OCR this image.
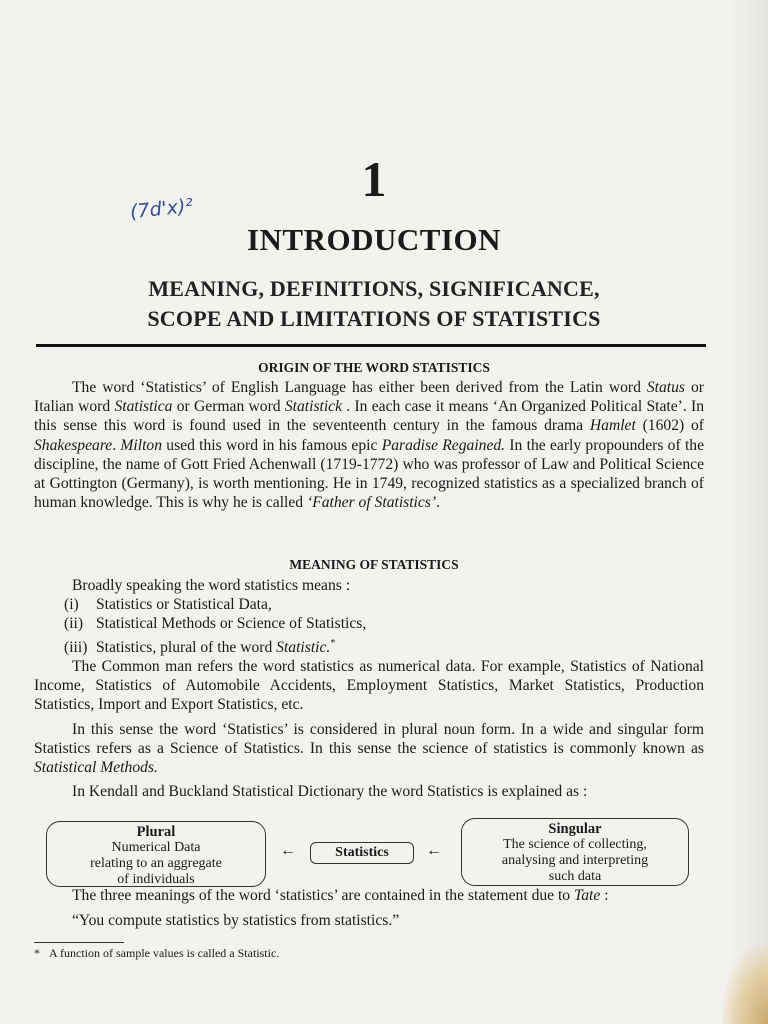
1
(7d'x)²
INTRODUCTION
MEANING, DEFINITIONS, SIGNIFICANCE,
SCOPE AND LIMITATIONS OF STATISTICS
ORIGIN OF THE WORD STATISTICS

The word ‘Statistics’ of English Language has either been derived from the Latin word Status or Italian word Statistica or German word Statistick . In each case it means ‘An Organized Political State’. In this sense this word is found used in the seventeenth century in the famous drama Hamlet (1602) of Shakespeare. Milton used this word in his famous epic Paradise Regained. In the early propounders of the discipline, the name of Gott Fried Achenwall (1719-1772) who was professor of Law and Political Science at Gottington (Germany), is worth mentioning. He in 1749, recognized statistics as a specialized branch of human knowledge. This is why he is called ‘Father of Statistics’.

MEANING OF STATISTICS

Broadly speaking the word statistics means :

(i) Statistics or Statistical Data,

(ii) Statistical Methods or Science of Statistics,

(iii) Statistics, plural of the word Statistic.*

The Common man refers the word statistics as numerical data. For example, Statistics of National Income, Statistics of Automobile Accidents, Employment Statistics, Market Statistics, Production Statistics, Import and Export Statistics, etc.

In this sense the word ‘Statistics’ is considered in plural noun form. In a wide and singular form Statistics refers as a Science of Statistics. In this sense the science of statistics is commonly known as Statistical Methods.

In Kendall and Buckland Statistical Dictionary the word Statistics is explained as :

Plural
Numerical Data
relating to an aggregate
of individuals
←	Statistics	←
Singular
The science of collecting,
analysing and interpreting
such data

The three meanings of the word ‘statistics’ are contained in the statement due to Tate :

“You compute statistics by statistics from statistics.”

* A function of sample values is called a Statistic.
